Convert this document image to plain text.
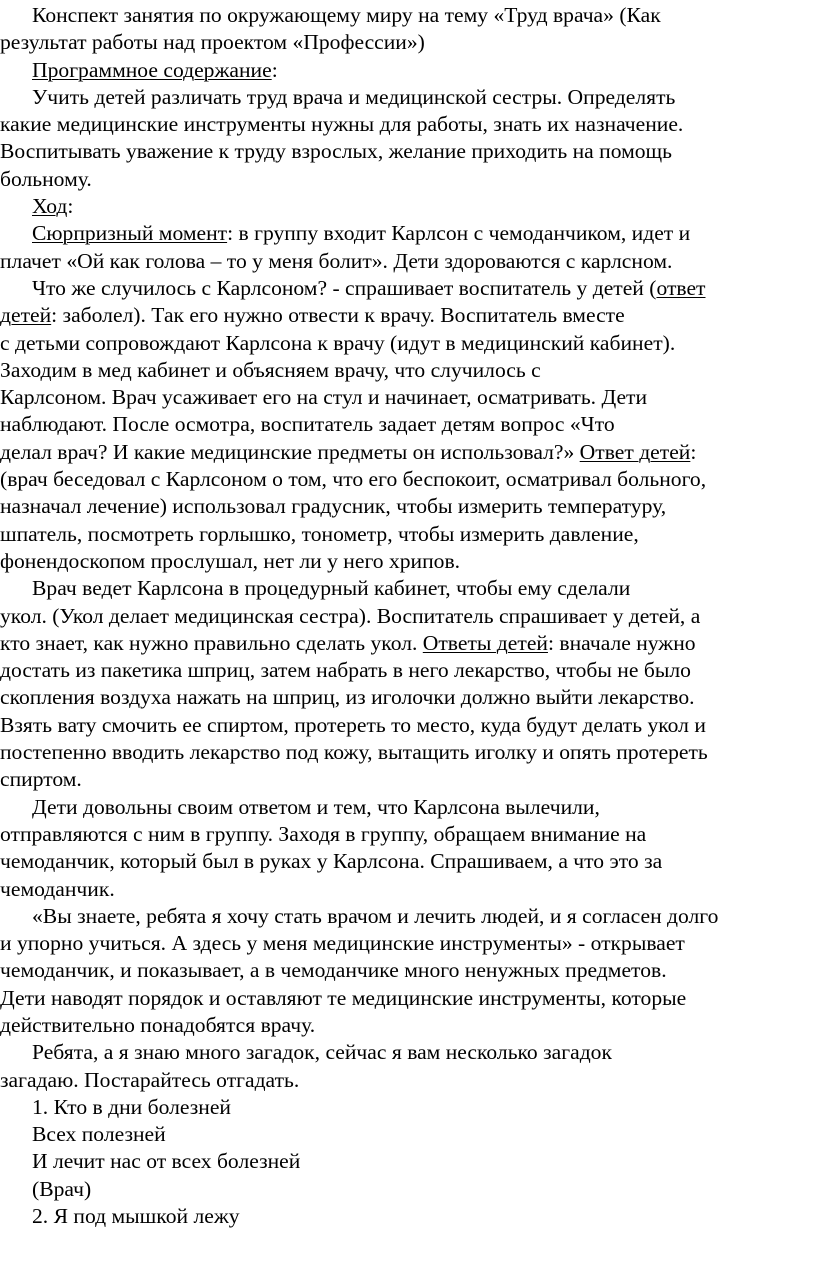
Конспект занятия по окружающему миру на тему «Труд врача» (Как
результат работы над проектом «Профессии»)
Программное содержание:
Учить детей различать труд врача и медицинской сестры. Определять
какие медицинские инструменты нужны для работы, знать их назначение.
Воспитывать уважение к труду взрослых, желание приходить на помощь
больному.
Ход:
Сюрпризный момент: в группу входит Карлсон с чемоданчиком, идет и
плачет «Ой как голова – то у меня болит». Дети здороваются с карлсном.
Что же случилось с Карлсоном? - спрашивает воспитатель у детей (ответ
детей: заболел). Так его нужно отвести к врачу. Воспитатель вместе
с детьми сопровождают Карлсона к врачу (идут в медицинский кабинет).
Заходим в мед кабинет и объясняем врачу, что случилось с
Карлсоном. Врач усаживает его на стул и начинает, осматривать. Дети
наблюдают. После осмотра, воспитатель задает детям вопрос «Что
делал врач? И какие медицинские предметы он использовал?» Ответ детей:
(врач беседовал с Карлсоном о том, что его беспокоит, осматривал больного,
назначал лечение) использовал градусник, чтобы измерить температуру,
шпатель, посмотреть горлышко, тонометр, чтобы измерить давление,
фонендоскопом прослушал, нет ли у него хрипов.
Врач ведет Карлсона в процедурный кабинет, чтобы ему сделали
укол. (Укол делает медицинская сестра). Воспитатель спрашивает у детей, а
кто знает, как нужно правильно сделать укол. Ответы детей: вначале нужно
достать из пакетика шприц, затем набрать в него лекарство, чтобы не было
скопления воздуха нажать на шприц, из иголочки должно выйти лекарство.
Взять вату смочить ее спиртом, протереть то место, куда будут делать укол и
постепенно вводить лекарство под кожу, вытащить иголку и опять протереть
спиртом.
Дети довольны своим ответом и тем, что Карлсона вылечили,
отправляются с ним в группу. Заходя в группу, обращаем внимание на
чемоданчик, который был в руках у Карлсона. Спрашиваем, а что это за
чемоданчик.
«Вы знаете, ребята я хочу стать врачом и лечить людей, и я согласен долго
и упорно учиться. А здесь у меня медицинские инструменты» - открывает
чемоданчик, и показывает, а в чемоданчике много ненужных предметов.
Дети наводят порядок и оставляют те медицинские инструменты, которые
действительно понадобятся врачу.
Ребята, а я знаю много загадок, сейчас я вам несколько загадок
загадаю. Постарайтесь отгадать.
1. Кто в дни болезней
Всех полезней
И лечит нас от всех болезней
(Врач)
2. Я под мышкой лежу
